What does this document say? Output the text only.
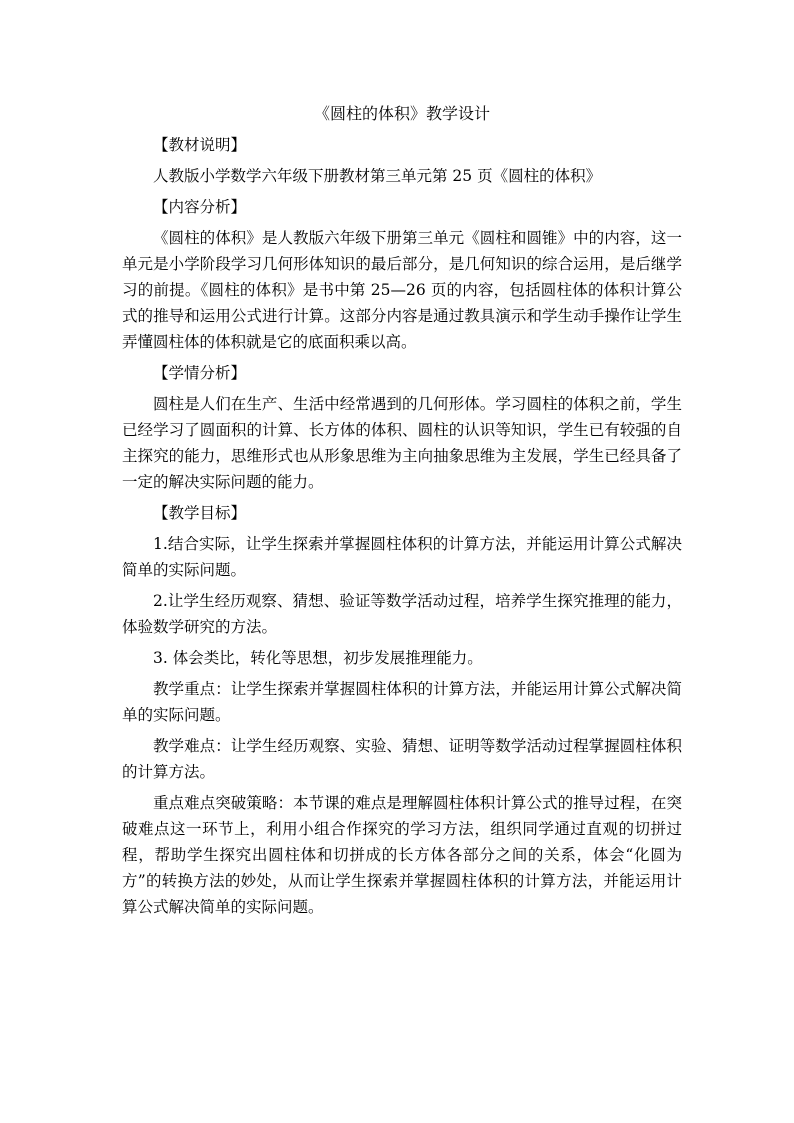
《圆柱的体积》教学设计
【教材说明】
人教版小学数学六年级下册教材第三单元第 25 页《圆柱的体积》
【内容分析】
《圆柱的体积》是人教版六年级下册第三单元《圆柱和圆锥》中的内容，这一单元是小学阶段学习几何形体知识的最后部分，是几何知识的综合运用，是后继学习的前提。《圆柱的体积》是书中第 25—26 页的内容，包括圆柱体的体积计算公式的推导和运用公式进行计算。这部分内容是通过教具演示和学生动手操作让学生弄懂圆柱体的体积就是它的底面积乘以高。
【学情分析】
圆柱是人们在生产、生活中经常遇到的几何形体。学习圆柱的体积之前，学生已经学习了圆面积的计算、长方体的体积、圆柱的认识等知识，学生已有较强的自主探究的能力，思维形式也从形象思维为主向抽象思维为主发展，学生已经具备了一定的解决实际问题的能力。
【教学目标】
1.结合实际，让学生探索并掌握圆柱体积的计算方法，并能运用计算公式解决简单的实际问题。
2.让学生经历观察、猜想、验证等数学活动过程，培养学生探究推理的能力，体验数学研究的方法。
3. 体会类比，转化等思想，初步发展推理能力。
教学重点：让学生探索并掌握圆柱体积的计算方法，并能运用计算公式解决简单的实际问题。
教学难点：让学生经历观察、实验、猜想、证明等数学活动过程掌握圆柱体积的计算方法。
重点难点突破策略：本节课的难点是理解圆柱体积计算公式的推导过程，在突破难点这一环节上，利用小组合作探究的学习方法，组织同学通过直观的切拼过程，帮助学生探究出圆柱体和切拼成的长方体各部分之间的关系，体会“化圆为方”的转换方法的妙处，从而让学生探索并掌握圆柱体积的计算方法，并能运用计算公式解决简单的实际问题。
